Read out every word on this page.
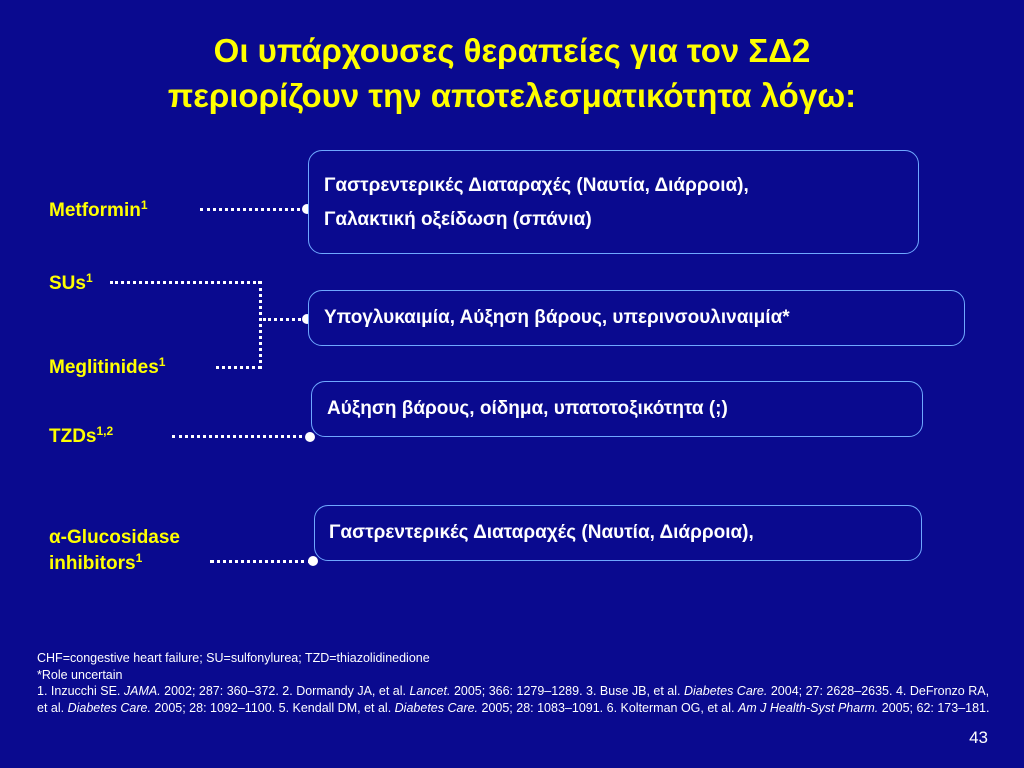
Οι υπάρχουσες θεραπείες για τον ΣΔ2
περιορίζουν την αποτελεσματικότητα λόγω:
Metformin$^1$
SUs$^1$
Meglitinides$^1$
TZDs$^{1,2}$
α-Glucosidase
inhibitors$^1$
Γαστρεντερικές Διαταραχές (Ναυτία, Διάρροια),
Γαλακτική οξείδωση (σπάνια)
Υπογλυκαιμία, Αύξηση βάρους, υπερινσουλιναιμία*
Αύξηση βάρους, οίδημα, υπατοτοξικότητα (;)
Γαστρεντερικές Διαταραχές (Ναυτία, Διάρροια),
CHF=congestive heart failure; SU=sulfonylurea; TZD=thiazolidinedione
*Role uncertain
1. Inzucchi SE. JAMA. 2002; 287: 360–372. 2. Dormandy JA, et al. Lancet. 2005; 366: 1279–1289. 3. Buse JB, et al. Diabetes Care. 2004; 27: 2628–2635. 4. DeFronzo RA, et al. Diabetes Care. 2005; 28: 1092–1100. 5. Kendall DM, et al. Diabetes Care. 2005; 28: 1083–1091. 6. Kolterman OG, et al. Am J Health-Syst Pharm. 2005; 62: 173–181.
43
